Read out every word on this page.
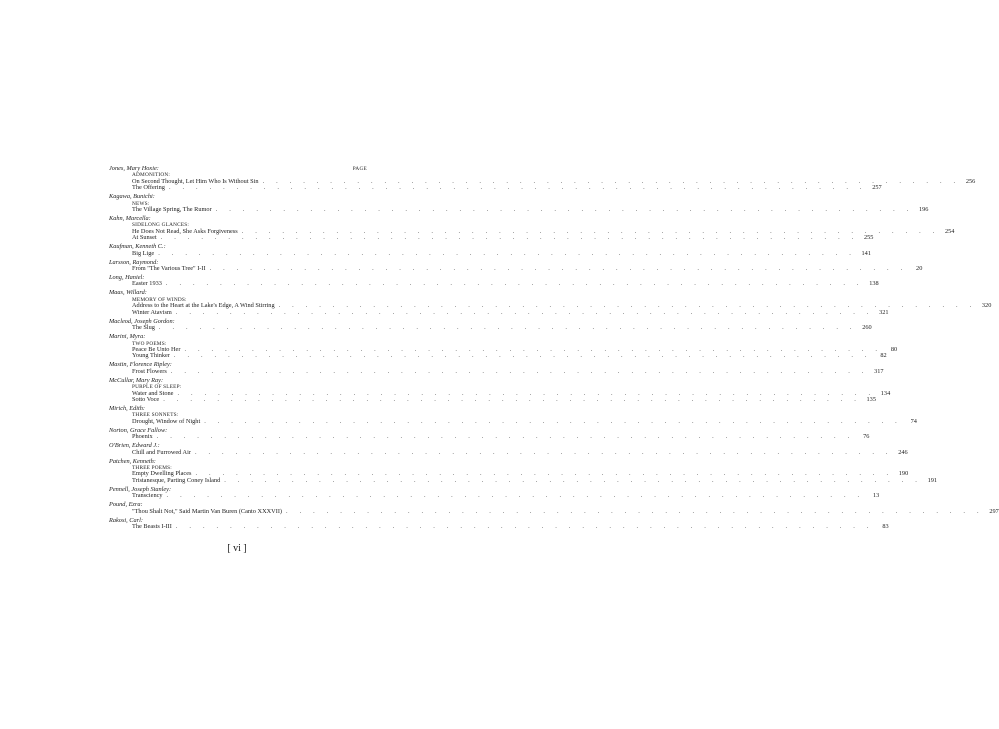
PAGE
Jones, Mary Hoxie:
ADMONITION:
On Second Thought, Let Him Who Is Without Sin . . .	256
The Offering . . .	257
Kagawa, Bunichi:
NEWS:
The Village Spring, The Rumor . . .	196
Kahn, Marcella:
SIDELONG GLANCES:
He Does Not Read, She Asks Forgiveness . . .	254
At Sunset . . .	255
Kaufman, Kenneth C.:
Big Lige . . .	141
Larsson, Raymond:
From "The Various Tree" I-II . . .	20
Long, Haniel:
Easter 1933 . . .	138
Maas, Willard:
MEMORY OF WINDS:
Address to the Heart at the Lake's Edge, A Wind Stirring . . .	320
Winter Atavism . . .	321
Macleod, Joseph Gordon:
The Slug . . .	260
Marini, Myra:
TWO POEMS:
Peace Be Unto Her . . .	80
Young Thinker . . .	82
Mastin, Florence Ripley:
Frost Flowers . . .	317
McCullar, Mary Ray:
PURPLE OF SLEEP:
Water and Stone . . .	134
Sotto Voce . . .	135
Mirich, Edith:
THREE SONNETS:
Drought, Window of Night . . .	74
Norton, Grace Fallow:
Phoenix . . .	76
O'Brien, Edward J.:
Chill and Furrowed Air . . .	246
Patchen, Kenneth:
THREE POEMS:
Empty Dwelling Places . . .	190
Tristanesque, Parting Coney Island . . .	191
Pennell, Joseph Stanley:
Transciency . . .	13
Pound, Ezra:
"Thou Shalt Not," Said Martin Van Buren (Canto XXXVII) . . .	297
Rakosi, Carl:
The Beasts I-III . . .	83
[ vi ]
